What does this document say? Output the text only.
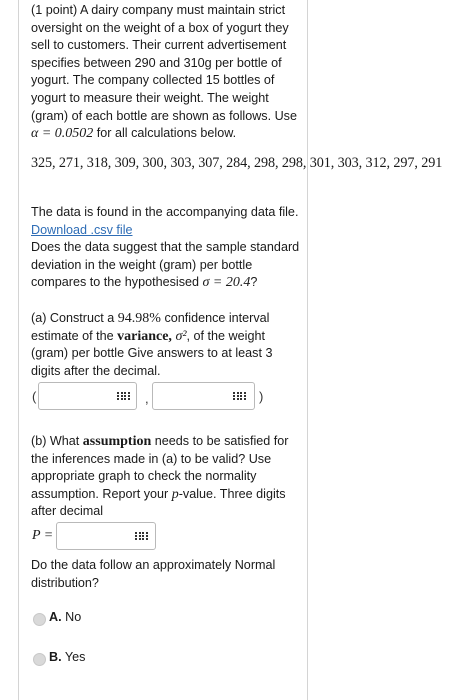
(1 point) A dairy company must maintain strict
oversight on the weight of a box of yogurt they
sell to customers. Their current advertisement
specifies between 290 and 310g per bottle of
yogurt. The company collected 15 bottles of
yogurt to measure their weight. The weight
(gram) of each bottle are shown as follows. Use
α = 0.0502 for all calculations below.
325, 271, 318, 309, 300, 303, 307, 284, 298, 298, 301, 303, 312, 297, 291
The data is found in the accompanying data file.
Download .csv file
Does the data suggest that the sample standard
deviation in the weight (gram) per bottle
compares to the hypothesised σ = 20.4?
(a) Construct a 94.98% confidence interval
estimate of the variance, σ², of the weight
(gram) per bottle Give answers to at least 3
digits after the decimal.
(	,	)
(b) What assumption needs to be satisfied for
the inferences made in (a) to be valid? Use
appropriate graph to check the normality
assumption. Report your p-value. Three digits
after decimal
P =
Do the data follow an approximately Normal
distribution?
A. No
B. Yes
